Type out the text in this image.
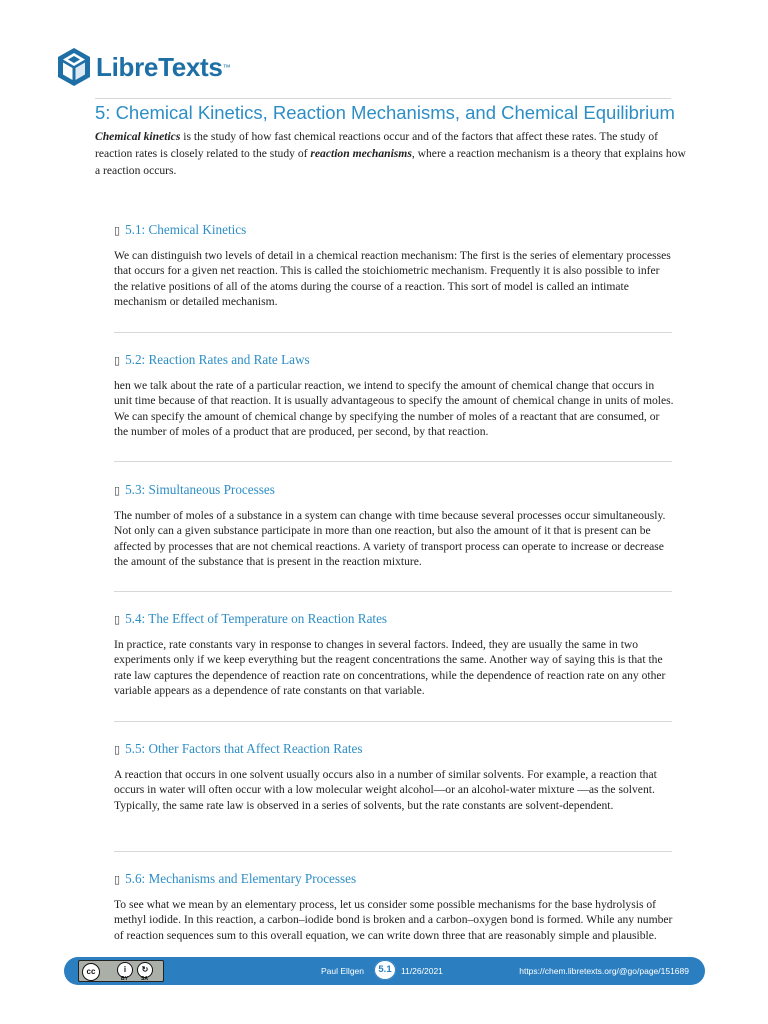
LibreTexts ™
5: Chemical Kinetics, Reaction Mechanisms, and Chemical Equilibrium

Chemical kinetics is the study of how fast chemical reactions occur and of the factors that affect these rates. The study of reaction rates is closely related to the study of reaction mechanisms, where a reaction mechanism is a theory that explains how a reaction occurs.

▯ 5.1: Chemical Kinetics

We can distinguish two levels of detail in a chemical reaction mechanism: The first is the series of elementary processes that occurs for a given net reaction. This is called the stoichiometric mechanism. Frequently it is also possible to infer the relative positions of all of the atoms during the course of a reaction. This sort of model is called an intimate mechanism or detailed mechanism.

▯ 5.2: Reaction Rates and Rate Laws

hen we talk about the rate of a particular reaction, we intend to specify the amount of chemical change that occurs in unit time because of that reaction. It is usually advantageous to specify the amount of chemical change in units of moles. We can specify the amount of chemical change by specifying the number of moles of a reactant that are consumed, or the number of moles of a product that are produced, per second, by that reaction.

▯ 5.3: Simultaneous Processes

The number of moles of a substance in a system can change with time because several processes occur simultaneously. Not only can a given substance participate in more than one reaction, but also the amount of it that is present can be affected by processes that are not chemical reactions. A variety of transport process can operate to increase or decrease the amount of the substance that is present in the reaction mixture.

▯ 5.4: The Effect of Temperature on Reaction Rates

In practice, rate constants vary in response to changes in several factors. Indeed, they are usually the same in two experiments only if we keep everything but the reagent concentrations the same. Another way of saying this is that the rate law captures the dependence of reaction rate on concentrations, while the dependence of reaction rate on any other variable appears as a dependence of rate constants on that variable.

▯ 5.5: Other Factors that Affect Reaction Rates

A reaction that occurs in one solvent usually occurs also in a number of similar solvents. For example, a reaction that occurs in water will often occur with a low molecular weight alcohol—or an alcohol-water mixture —as the solvent. Typically, the same rate law is observed in a series of solvents, but the rate constants are solvent-dependent.

▯ 5.6: Mechanisms and Elementary Processes

To see what we mean by an elementary process, let us consider some possible mechanisms for the base hydrolysis of methyl iodide. In this reaction, a carbon–iodide bond is broken and a carbon–oxygen bond is formed. While any number of reaction sequences sum to this overall equation, we can write down three that are reasonably simple and plausible.

cc	i	↻
BY	SA
Paul Ellgen	5.1	11/26/2021	https://chem.libretexts.org/@go/page/151689
